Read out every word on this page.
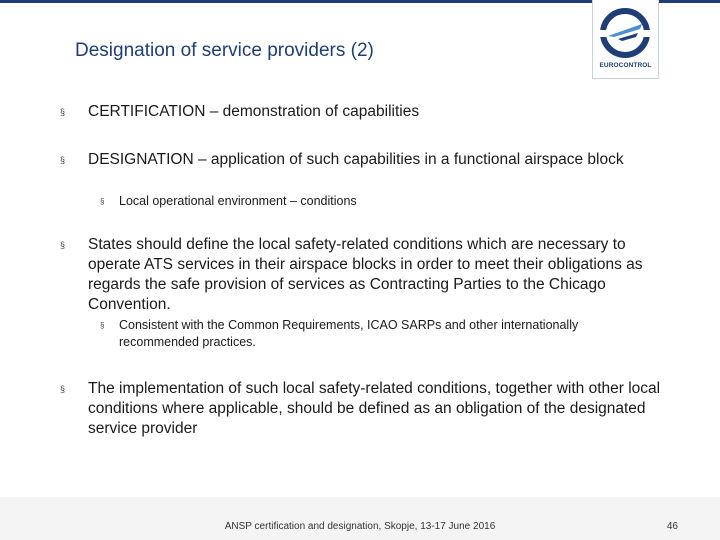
EUROCONTROL
Designation of service providers (2)
§ CERTIFICATION – demonstration of capabilities
§ DESIGNATION – application of such capabilities in a functional airspace block
§ Local operational environment – conditions
§ States should define the local safety-related conditions which are necessary to operate ATS services in their airspace blocks in order to meet their obligations as regards the safe provision of services as Contracting Parties to the Chicago Convention.
§ Consistent with the Common Requirements, ICAO SARPs and other internationally recommended practices.
§ The implementation of such local safety-related conditions, together with other local conditions where applicable, should be defined as an obligation of the designated service provider
ANSP certification and designation, Skopje, 13-17 June 2016	46
